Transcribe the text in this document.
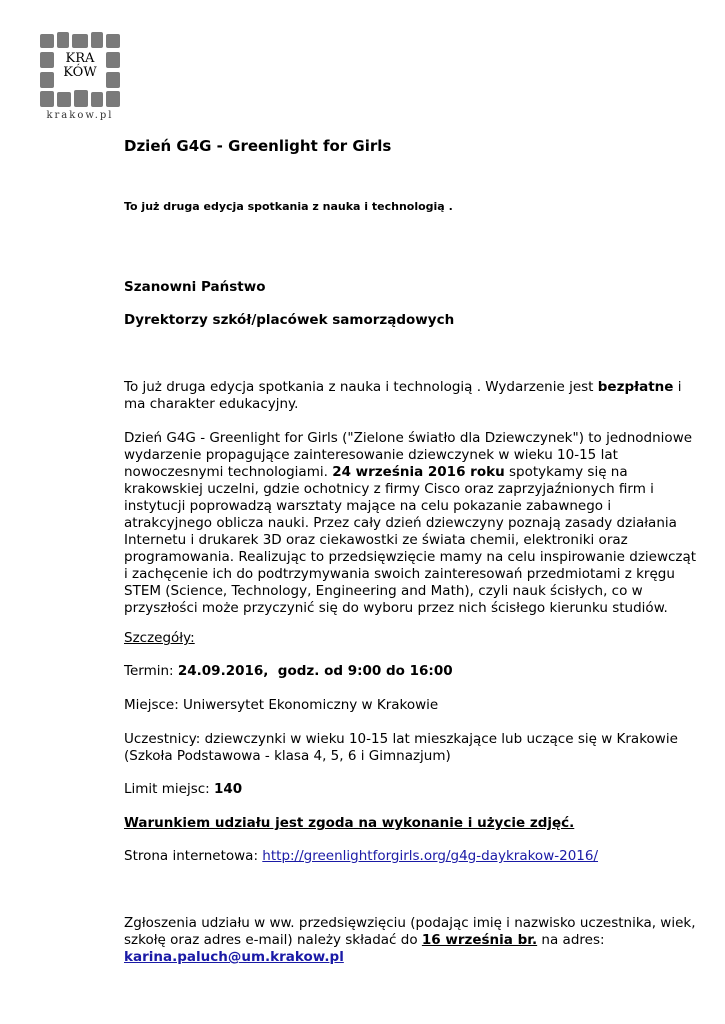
KRA
KÓW
krakow.pl
Dzień G4G - Greenlight for Girls
To już druga edycja spotkania z nauka i technologią .
Szanowni Państwo
Dyrektorzy szkół/placówek samorządowych
To już druga edycja spotkania z nauka i technologią . Wydarzenie jest bezpłatne i ma charakter edukacyjny.
Dzień G4G - Greenlight for Girls ("Zielone światło dla Dziewczynek") to jednodniowe wydarzenie propagujące zainteresowanie dziewczynek w wieku 10-15 lat nowoczesnymi technologiami. 24 września 2016 roku spotykamy się na krakowskiej uczelni, gdzie ochotnicy z firmy Cisco oraz zaprzyjaźnionych firm i instytucji poprowadzą warsztaty mające na celu pokazanie zabawnego i atrakcyjnego oblicza nauki. Przez cały dzień dziewczyny poznają zasady działania Internetu i drukarek 3D oraz ciekawostki ze świata chemii, elektroniki oraz programowania. Realizując to przedsięwzięcie mamy na celu inspirowanie dziewcząt i zachęcenie ich do podtrzymywania swoich zainteresowań przedmiotami z kręgu STEM (Science, Technology, Engineering and Math), czyli nauk ścisłych, co w przyszłości może przyczynić się do wyboru przez nich ścisłego kierunku studiów.
Szczegóły:
Termin: 24.09.2016,  godz. od 9:00 do 16:00
Miejsce: Uniwersytet Ekonomiczny w Krakowie
Uczestnicy: dziewczynki w wieku 10-15 lat mieszkające lub uczące się w Krakowie
(Szkoła Podstawowa - klasa 4, 5, 6 i Gimnazjum)
Limit miejsc: 140
Warunkiem udziału jest zgoda na wykonanie i użycie zdjęć.
Strona internetowa: http://greenlightforgirls.org/g4g-daykrakow-2016/
Zgłoszenia udziału w ww. przedsięwzięciu (podając imię i nazwisko uczestnika, wiek,
szkołę oraz adres e-mail) należy składać do 16 września br. na adres:
karina.paluch@um.krakow.pl
